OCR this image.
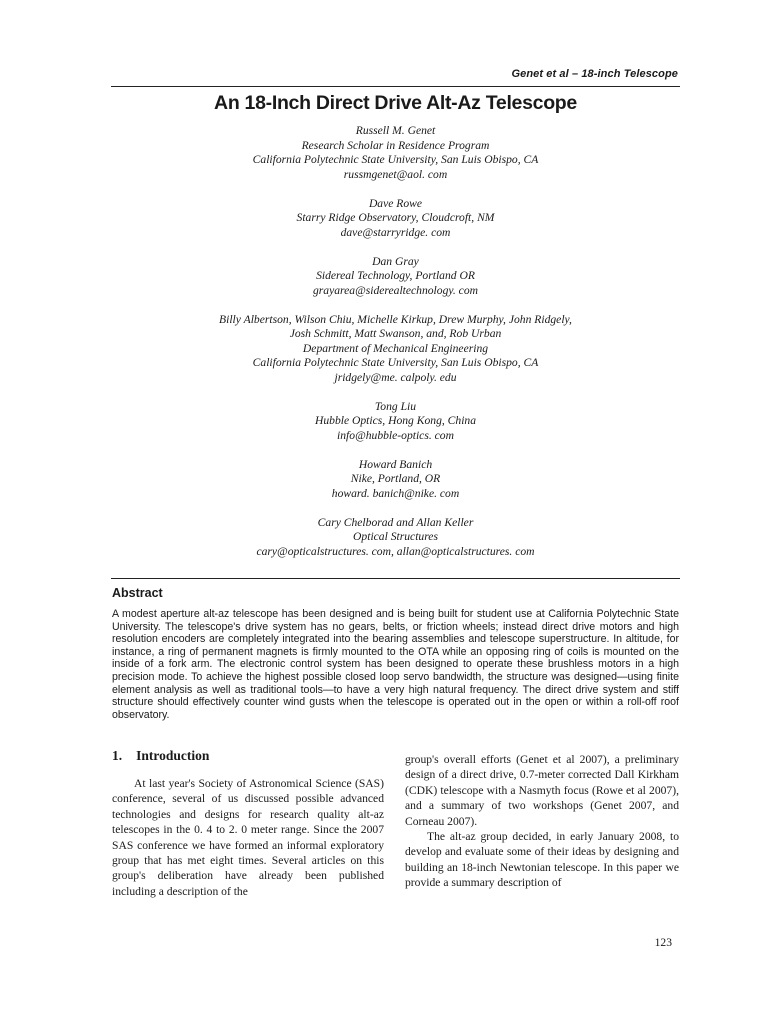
Genet et al – 18-inch Telescope
An 18-Inch Direct Drive Alt-Az Telescope
Russell M. Genet
Research Scholar in Residence Program
California Polytechnic State University, San Luis Obispo, CA
russmgenet@aol. com
Dave Rowe
Starry Ridge Observatory, Cloudcroft, NM
dave@starryridge. com
Dan Gray
Sidereal Technology, Portland OR
grayarea@siderealtechnology. com
Billy Albertson, Wilson Chiu, Michelle Kirkup, Drew Murphy, John Ridgely,
Josh Schmitt, Matt Swanson, and, Rob Urban
Department of Mechanical Engineering
California Polytechnic State University, San Luis Obispo, CA
jridgely@me. calpoly. edu
Tong Liu
Hubble Optics, Hong Kong, China
info@hubble-optics. com
Howard Banich
Nike, Portland, OR
howard. banich@nike. com
Cary Chelborad and Allan Keller
Optical Structures
cary@opticalstructures. com, allan@opticalstructures. com
Abstract

A modest aperture alt-az telescope has been designed and is being built for student use at California Polytechnic State University. The telescope's drive system has no gears, belts, or friction wheels; instead direct drive motors and high resolution encoders are completely integrated into the bearing assemblies and telescope superstructure. In altitude, for instance, a ring of permanent magnets is firmly mounted to the OTA while an opposing ring of coils is mounted on the inside of a fork arm. The electronic control system has been designed to operate these brushless motors in a high precision mode. To achieve the highest possible closed loop servo bandwidth, the structure was designed—using finite element analysis as well as traditional tools—to have a very high natural frequency. The direct drive system and stiff structure should effectively counter wind gusts when the telescope is operated out in the open or within a roll-off roof observatory.

1. Introduction

At last year's Society of Astronomical Science (SAS) conference, several of us discussed possible advanced technologies and designs for research quality alt-az telescopes in the 0. 4 to 2. 0 meter range. Since the 2007 SAS conference we have formed an informal exploratory group that has met eight times. Several articles on this group's deliberation have already been published including a description of the

group's overall efforts (Genet et al 2007), a preliminary design of a direct drive, 0.7-meter corrected Dall Kirkham (CDK) telescope with a Nasmyth focus (Rowe et al 2007), and a summary of two workshops (Genet 2007, and Corneau 2007).

The alt-az group decided, in early January 2008, to develop and evaluate some of their ideas by designing and building an 18-inch Newtonian telescope. In this paper we provide a summary description of

123
